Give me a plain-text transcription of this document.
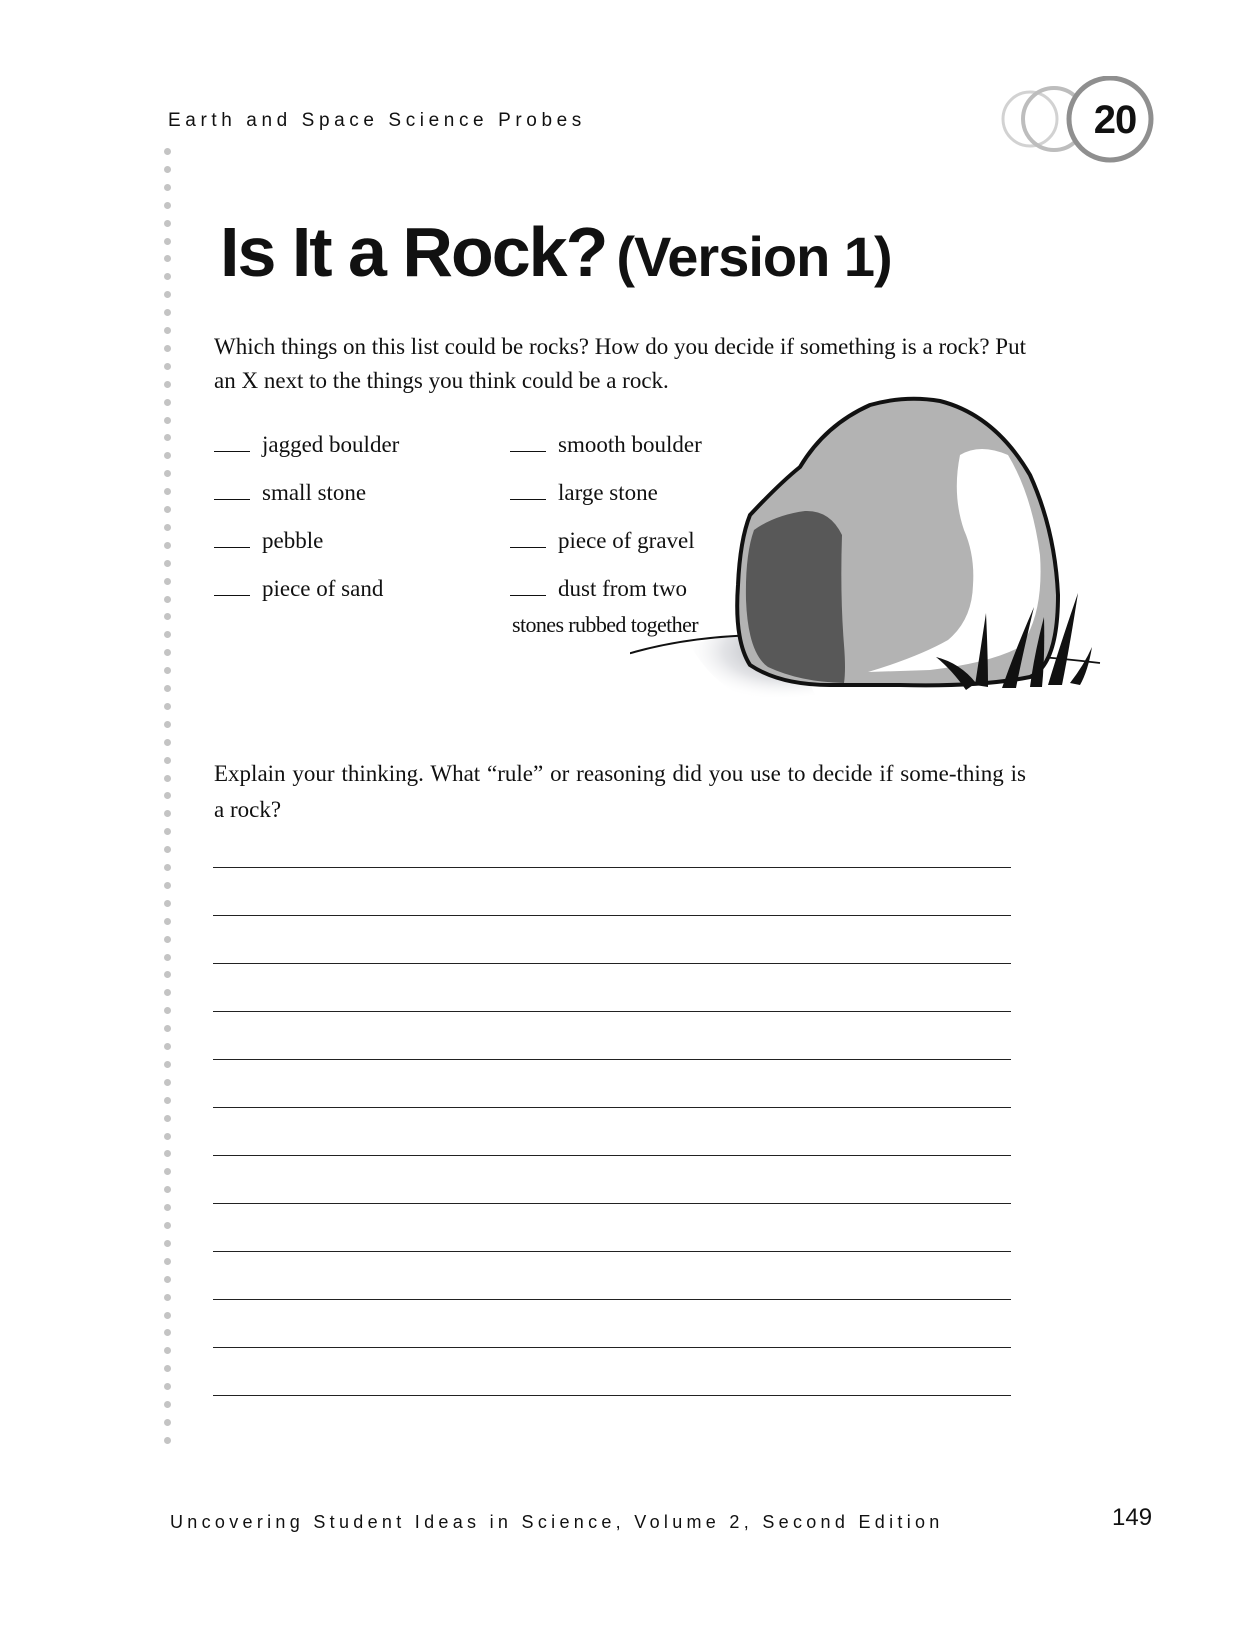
Earth and Space Science Probes	20
Is It a Rock? (Version 1)
Which things on this list could be rocks? How do you decide if something is a rock? Put an X next to the things you think could be a rock.
jagged boulder
small stone
pebble
piece of sand
smooth boulder
large stone
piece of gravel
dust from two
stones rubbed together
Explain your thinking. What “rule” or reasoning did you use to decide if some-thing is a rock?
Uncovering Student Ideas in Science, Volume 2, Second Edition	149
